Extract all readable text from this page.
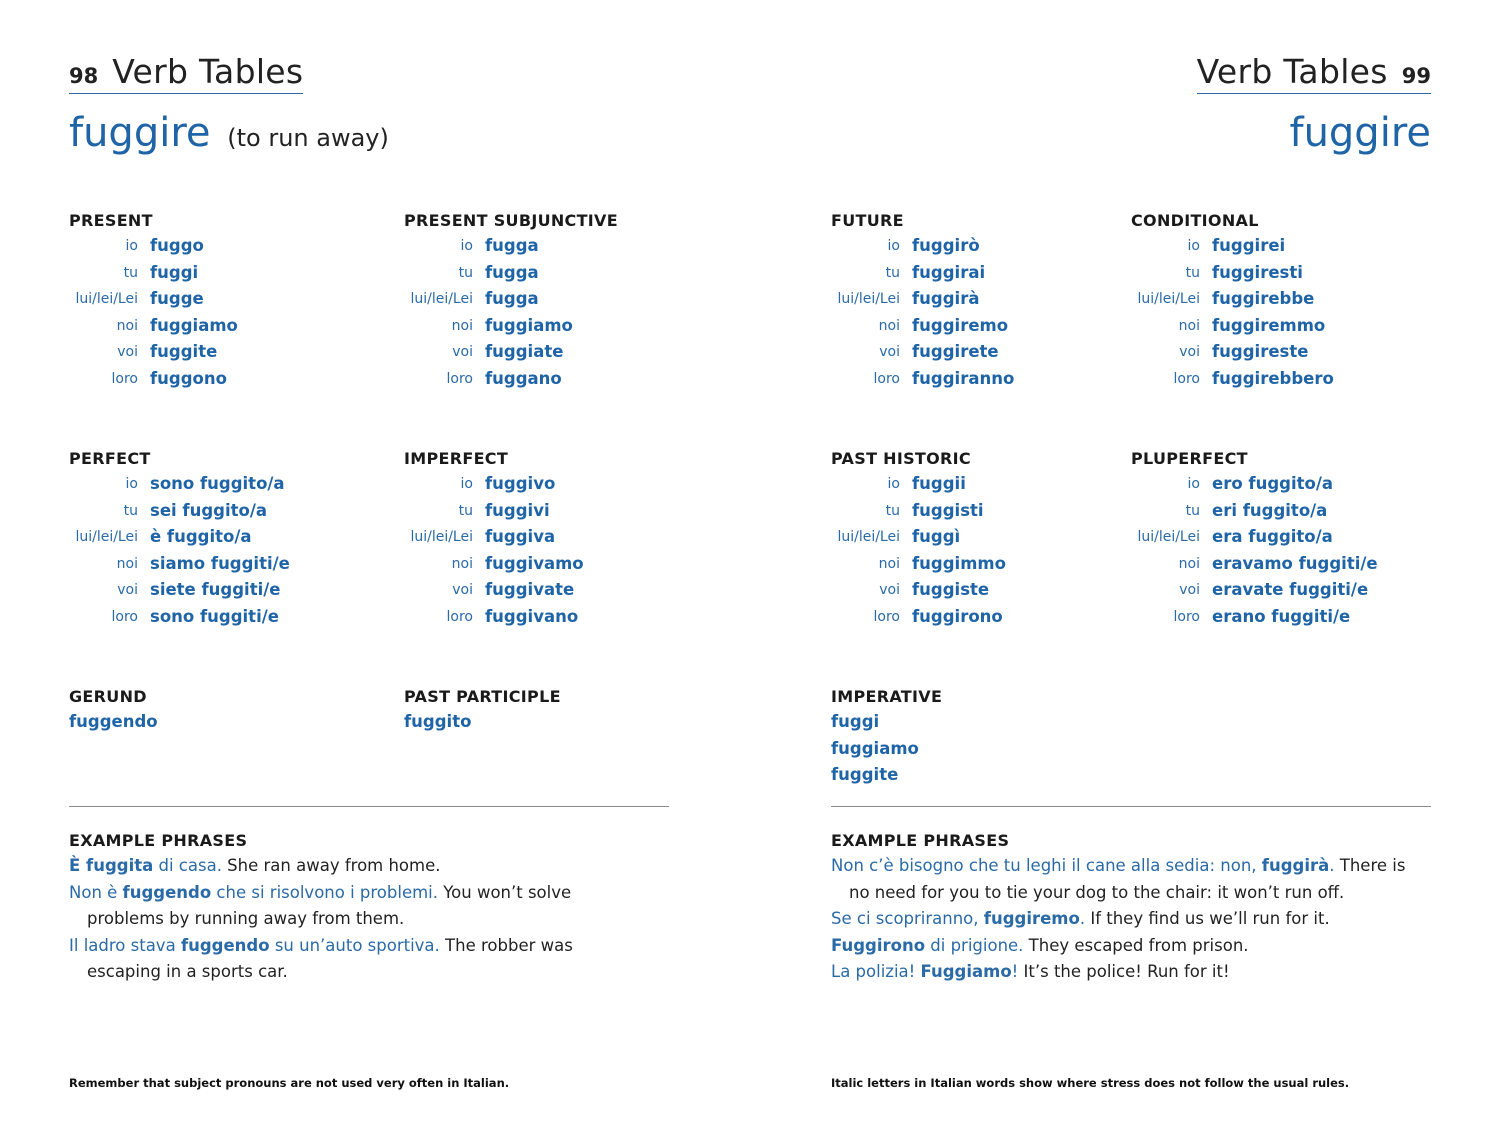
98 Verb Tables
fuggire (to run away)
PRESENT
io fuggo
tu fuggi
lui/lei/Lei fugge
noi fuggiamo
voi fuggite
loro fuggono
PRESENT SUBJUNCTIVE
io fugga
tu fugga
lui/lei/Lei fugga
noi fuggiamo
voi fuggiate
loro fuggano
PERFECT
io sono fuggito/a
tu sei fuggito/a
lui/lei/Lei è fuggito/a
noi siamo fuggiti/e
voi siete fuggiti/e
loro sono fuggiti/e
IMPERFECT
io fuggivo
tu fuggivi
lui/lei/Lei fuggiva
noi fuggivamo
voi fuggivate
loro fuggivano
GERUND
fuggendo
PAST PARTICIPLE
fuggito
EXAMPLE PHRASES
È fuggita di casa. She ran away from home.
Non è fuggendo che si risolvono i problemi. You won’t solve problems by running away from them.
Il ladro stava fuggendo su un’auto sportiva. The robber was escaping in a sports car.
Remember that subject pronouns are not used very often in Italian.
Verb Tables 99
fuggire
FUTURE
io fuggirò
tu fuggirai
lui/lei/Lei fuggirà
noi fuggiremo
voi fuggirete
loro fuggiranno
CONDITIONAL
io fuggirei
tu fuggiresti
lui/lei/Lei fuggirebbe
noi fuggiremmo
voi fuggireste
loro fuggirebbero
PAST HISTORIC
io fuggii
tu fuggisti
lui/lei/Lei fuggì
noi fuggimmo
voi fuggiste
loro fuggirono
PLUPERFECT
io ero fuggito/a
tu eri fuggito/a
lui/lei/Lei era fuggito/a
noi eravamo fuggiti/e
voi eravate fuggiti/e
loro erano fuggiti/e
IMPERATIVE
fuggi
fuggiamo
fuggite
EXAMPLE PHRASES
Non c’è bisogno che tu leghi il cane alla sedia: non, fuggirà. There is no need for you to tie your dog to the chair: it won’t run off.
Se ci scopriranno, fuggiremo. If they find us we’ll run for it.
Fuggirono di prigione. They escaped from prison.
La polizia! Fuggiamo! It’s the police! Run for it!
Italic letters in Italian words show where stress does not follow the usual rules.
